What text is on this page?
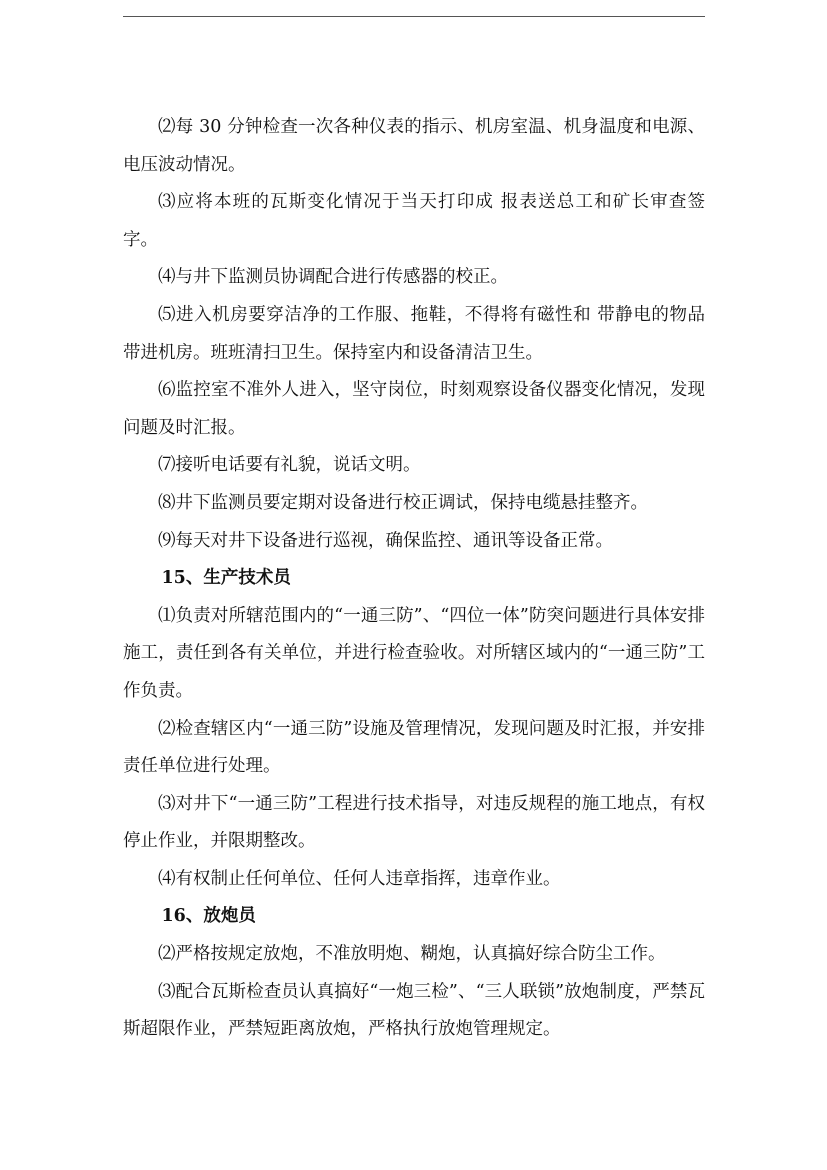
⑵每 30 分钟检查一次各种仪表的指示、机房室温、机身温度和电源、电压波动情况。

⑶应将本班的瓦斯变化情况于当天打印成 报表送总工和矿长审查签字。

⑷与井下监测员协调配合进行传感器的校正。

⑸进入机房要穿洁净的工作服、拖鞋，不得将有磁性和 带静电的物品带进机房。班班清扫卫生。保持室内和设备清洁卫生。

⑹监控室不准外人进入，坚守岗位，时刻观察设备仪器变化情况，发现问题及时汇报。

⑺接听电话要有礼貌，说话文明。

⑻井下监测员要定期对设备进行校正调试，保持电缆悬挂整齐。

⑼每天对井下设备进行巡视，确保监控、通讯等设备正常。

15、生产技术员

⑴负责对所辖范围内的“一通三防”、“四位一体”防突问题进行具体安排施工，责任到各有关单位，并进行检查验收。对所辖区域内的“一通三防”工作负责。

⑵检查辖区内“一通三防”设施及管理情况，发现问题及时汇报，并安排责任单位进行处理。

⑶对井下“一通三防”工程进行技术指导，对违反规程的施工地点，有权停止作业，并限期整改。

⑷有权制止任何单位、任何人违章指挥，违章作业。

16、放炮员

⑵严格按规定放炮，不准放明炮、糊炮，认真搞好综合防尘工作。

⑶配合瓦斯检查员认真搞好“一炮三检”、“三人联锁”放炮制度，严禁瓦斯超限作业，严禁短距离放炮，严格执行放炮管理规定。
